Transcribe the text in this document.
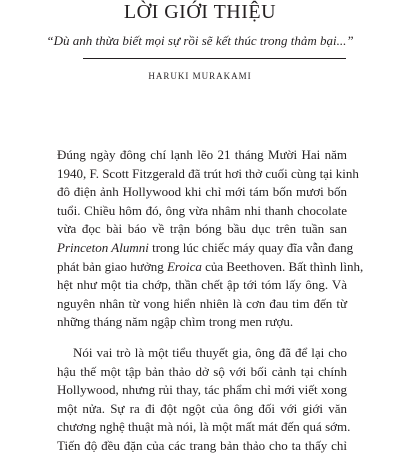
LỜI GIỚI THIỆU
“Dù anh thừa biết mọi sự rồi sẽ kết thúc trong thảm bại...”
HARUKI MURAKAMI
Đúng ngày đông chí lạnh lẽo 21 tháng Mười Hai năm
1940, F. Scott Fitzgerald đã trút hơi thở cuối cùng tại kinh
đô điện ảnh Hollywood khi chỉ mới tám bốn mươi bốn
tuổi. Chiều hôm đó, ông vừa nhâm nhi thanh chocolate
vừa đọc bài báo về trận bóng bầu dục trên tuần san
Princeton Alumni trong lúc chiếc máy quay đĩa vẫn đang
phát bản giao hưởng Eroica của Beethoven. Bất thình lình,
hệt như một tia chớp, thần chết ập tới tóm lấy ông. Và
nguyên nhân từ vong hiển nhiên là cơn đau tim đến từ
những tháng năm ngập chìm trong men rượu.
Nói vai trò là một tiểu thuyết gia, ông đã để lại cho
hậu thế một tập bản thảo dở sộ với bối cảnh tại chính
Hollywood, nhưng rủi thay, tác phẩm chỉ mới viết xong
một nửa. Sự ra đi đột ngột của ông đối với giới văn
chương nghệ thuật mà nói, là một mất mát đến quá sớm.
Tiến độ đều đặn của các trang bản thảo cho ta thấy chỉ
